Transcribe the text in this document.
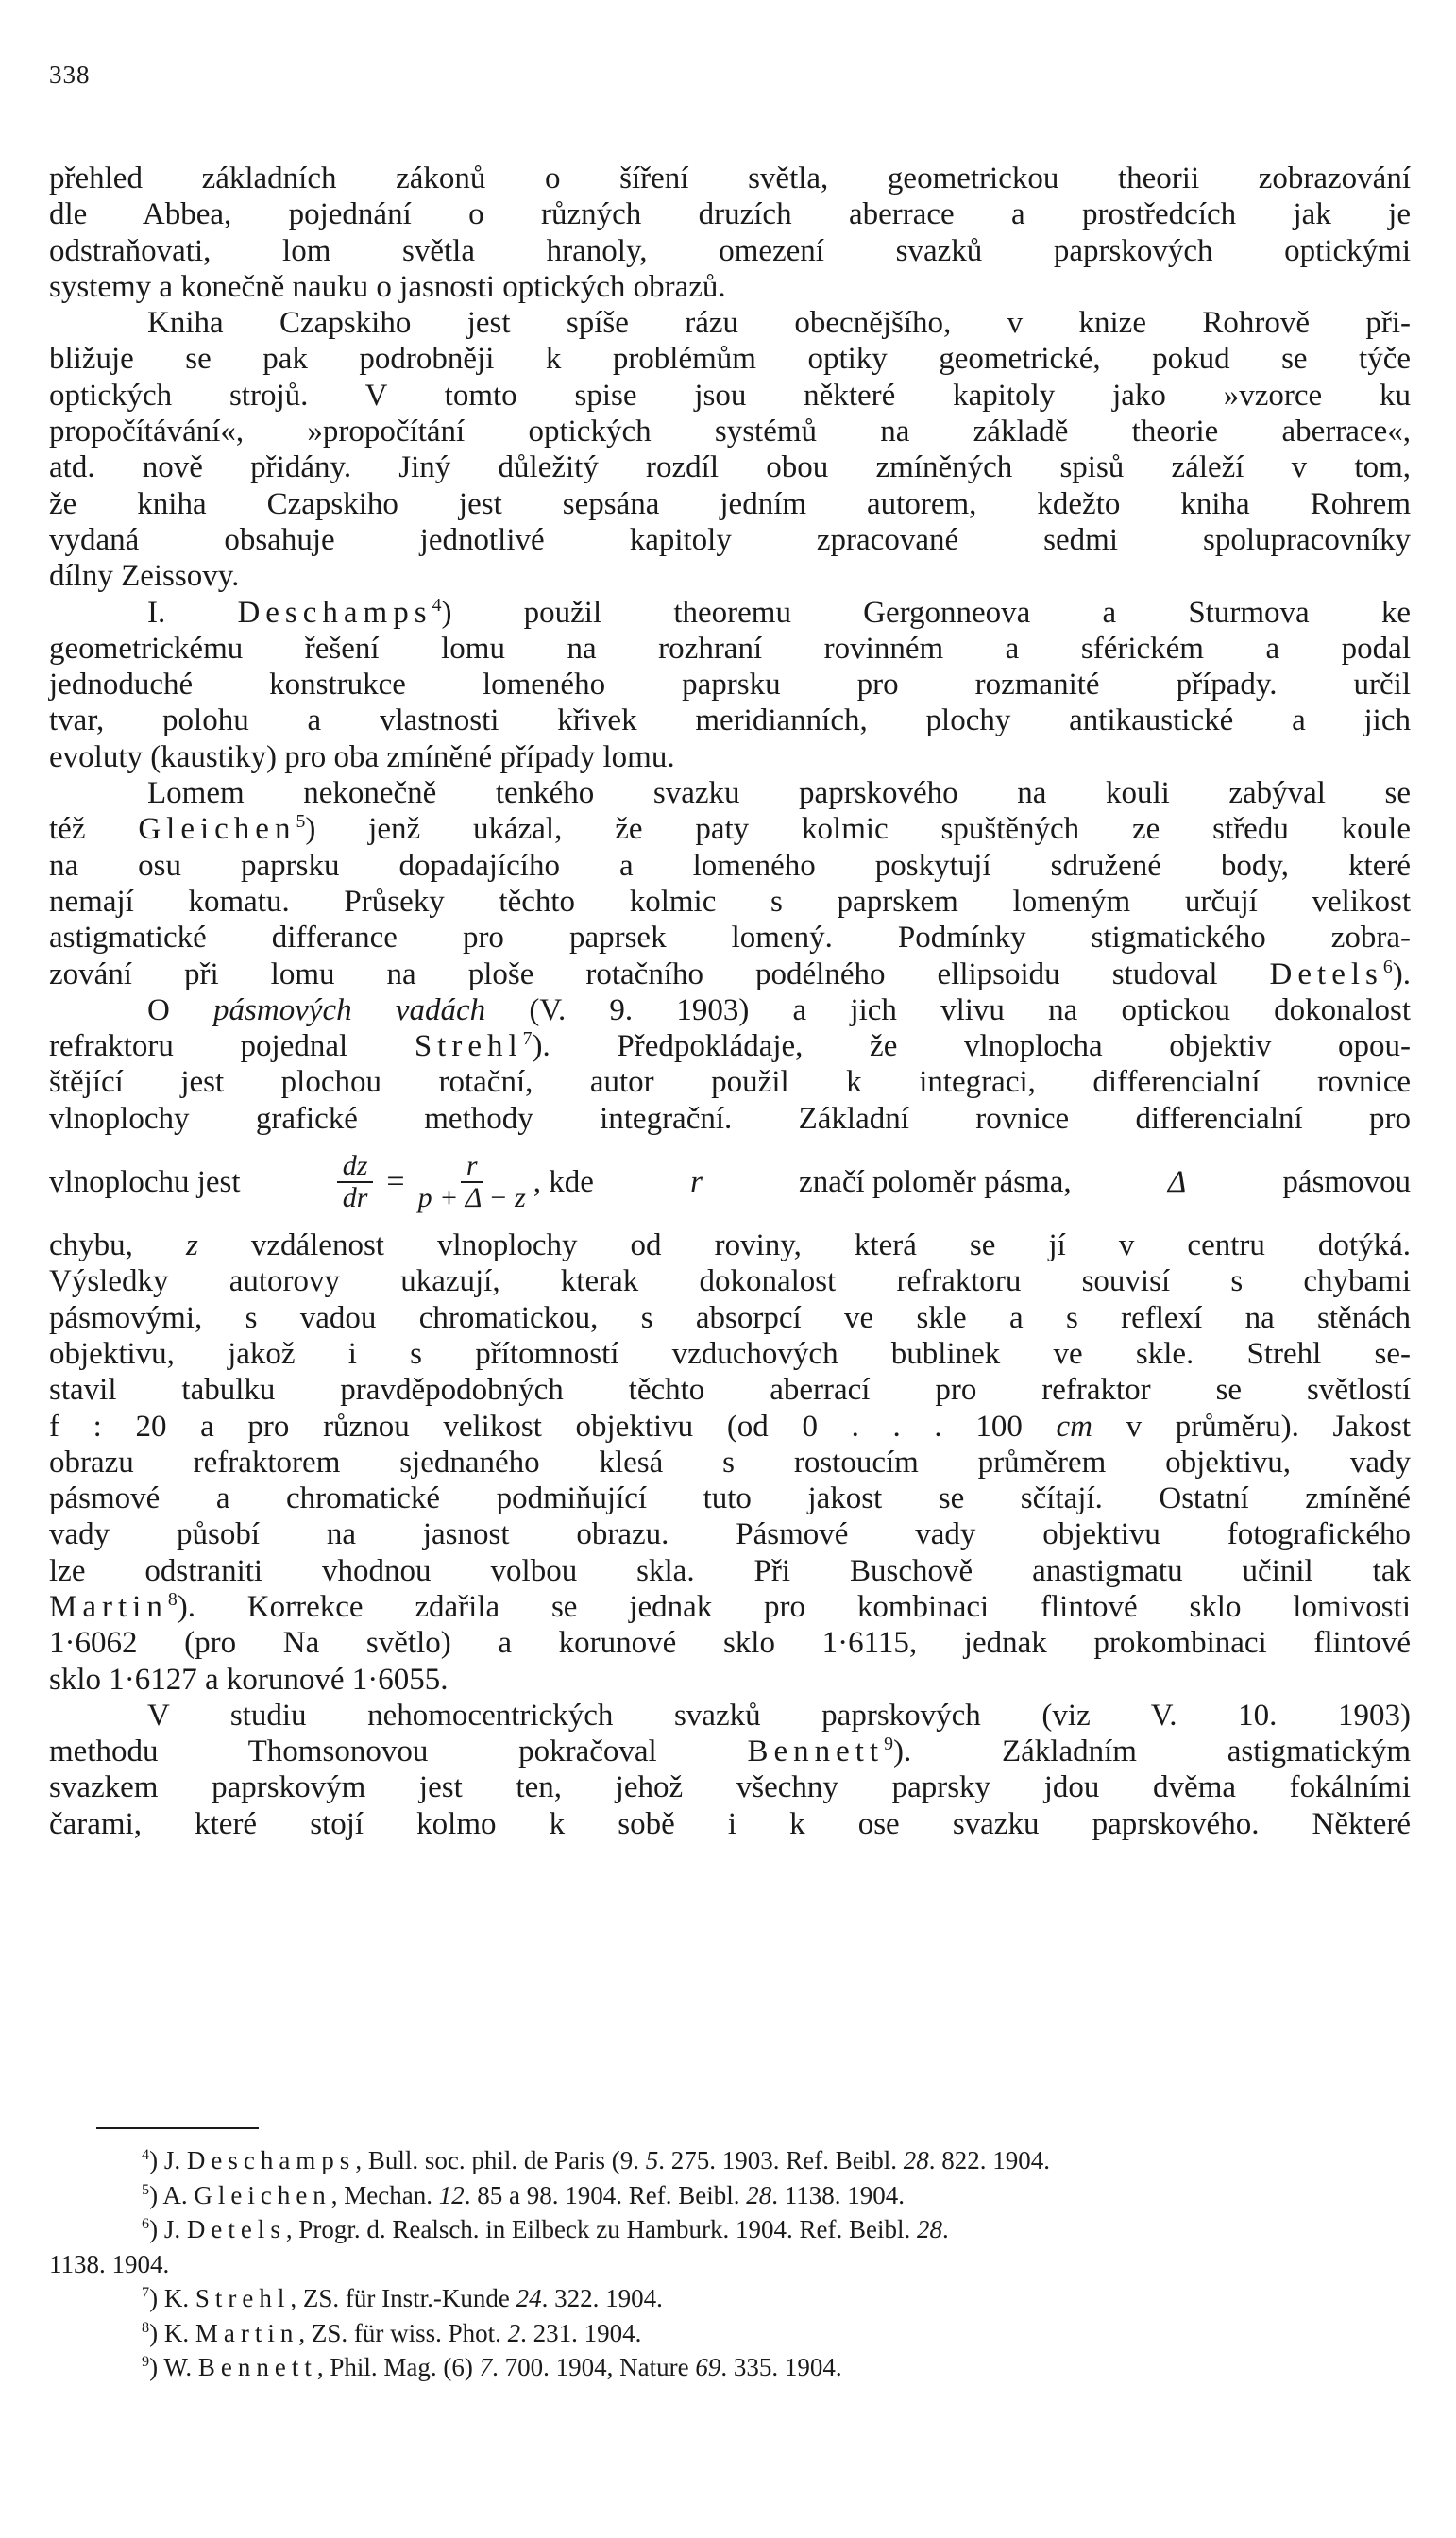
338
přehled základních zákonů o šíření světla, geometrickou theorii zobrazování
dle Abbea, pojednání o různých druzích aberrace a prostředcích jak je
odstraňovati, lom světla hranoly, omezení svazků paprskových optickými
systemy a konečně nauku o jasnosti optických obrazů.
Kniha Czapskiho jest spíše rázu obecnějšího, v knize Rohrově při-
bližuje se pak podrobněji k problémům optiky geometrické, pokud se týče
optických strojů. V tomto spise jsou některé kapitoly jako »vzorce ku
propočítávání«, »propočítání optických systémů na základě theorie aberrace«,
atd. nově přidány. Jiný důležitý rozdíl obou zmíněných spisů záleží v tom,
že kniha Czapskiho jest sepsána jedním autorem, kdežto kniha Rohrem
vydaná obsahuje jednotlivé kapitoly zpracované sedmi spolupracovníky
dílny Zeissovy.
I. Deschamps$^4$) použil theoremu Gergonneova a Sturmova ke
geometrickému řešení lomu na rozhraní rovinném a sférickém a podal
jednoduché konstrukce lomeného paprsku pro rozmanité případy. určil
tvar, polohu a vlastnosti křivek meridianních, plochy antikaustické a jich
evoluty (kaustiky) pro oba zmíněné případy lomu.
Lomem nekonečně tenkého svazku paprskového na kouli zabýval se
též Gleichen$^5$) jenž ukázal, že paty kolmic spuštěných ze středu koule
na osu paprsku dopadajícího a lomeného poskytují sdružené body, které
nemají komatu. Průseky těchto kolmic s paprskem lomeným určují velikost
astigmatické differance pro paprsek lomený. Podmínky stigmatického zobra-
zování při lomu na ploše rotačního podélného ellipsoidu studoval Detels$^6$).
O pásmových vadách (V. 9. 1903) a jich vlivu na optickou dokonalost
refraktoru pojednal Strehl$^7$). Předpokládaje, že vlnoplocha objektiv opou-
štějící jest plochou rotační, autor použil k integraci, differencialní rovnice
vlnoplochy grafické methody integrační. Základní rovnice differencialní pro
vlnoplochu jest	$\frac{dz}{dr} = \frac{r}{p + \Delta - z}$ , kde	r	značí poloměr pásma,	Δ	pásmovou
chybu, z vzdálenost vlnoplochy od roviny, která se jí v centru dotýká.
Výsledky autorovy ukazují, kterak dokonalost refraktoru souvisí s chybami
pásmovými, s vadou chromatickou, s absorpcí ve skle a s reflexí na stěnách
objektivu, jakož i s přítomností vzduchových bublinek ve skle. Strehl se-
stavil tabulku pravděpodobných těchto aberrací pro refraktor se světlostí
f : 20 a pro různou velikost objektivu (od 0 . . . 100 cm v průměru). Jakost
obrazu refraktorem sjednaného klesá s rostoucím průměrem objektivu, vady
pásmové a chromatické podmiňující tuto jakost se sčítají. Ostatní zmíněné
vady působí na jasnost obrazu. Pásmové vady objektivu fotografického
lze odstraniti vhodnou volbou skla. Při Buschově anastigmatu učinil tak
Martin$^8$). Korrekce zdařila se jednak pro kombinaci flintové sklo lomivosti
1·6062 (pro Na světlo) a korunové sklo 1·6115, jednak prokombinaci flintové
sklo 1·6127 a korunové 1·6055.
V studiu nehomocentrických svazků paprskových (viz V. 10. 1903)
methodu Thomsonovou pokračoval Bennett$^9$). Základním astigmatickým
svazkem paprskovým jest ten, jehož všechny paprsky jdou dvěma fokálními
čarami, které stojí kolmo k sobě i k ose svazku paprskového. Některé
$^4$) J. Deschamps, Bull. soc. phil. de Paris (9. 5. 275. 1903. Ref. Beibl. 28. 822. 1904.
$^5$) A. Gleichen, Mechan. 12. 85 a 98. 1904. Ref. Beibl. 28. 1138. 1904.
$^6$) J. Detels, Progr. d. Realsch. in Eilbeck zu Hamburk. 1904. Ref. Beibl. 28.
1138. 1904.
$^7$) K. Strehl, ZS. für Instr.-Kunde 24. 322. 1904.
$^8$) K. Martin, ZS. für wiss. Phot. 2. 231. 1904.
$^9$) W. Bennett, Phil. Mag. (6) 7. 700. 1904, Nature 69. 335. 1904.
